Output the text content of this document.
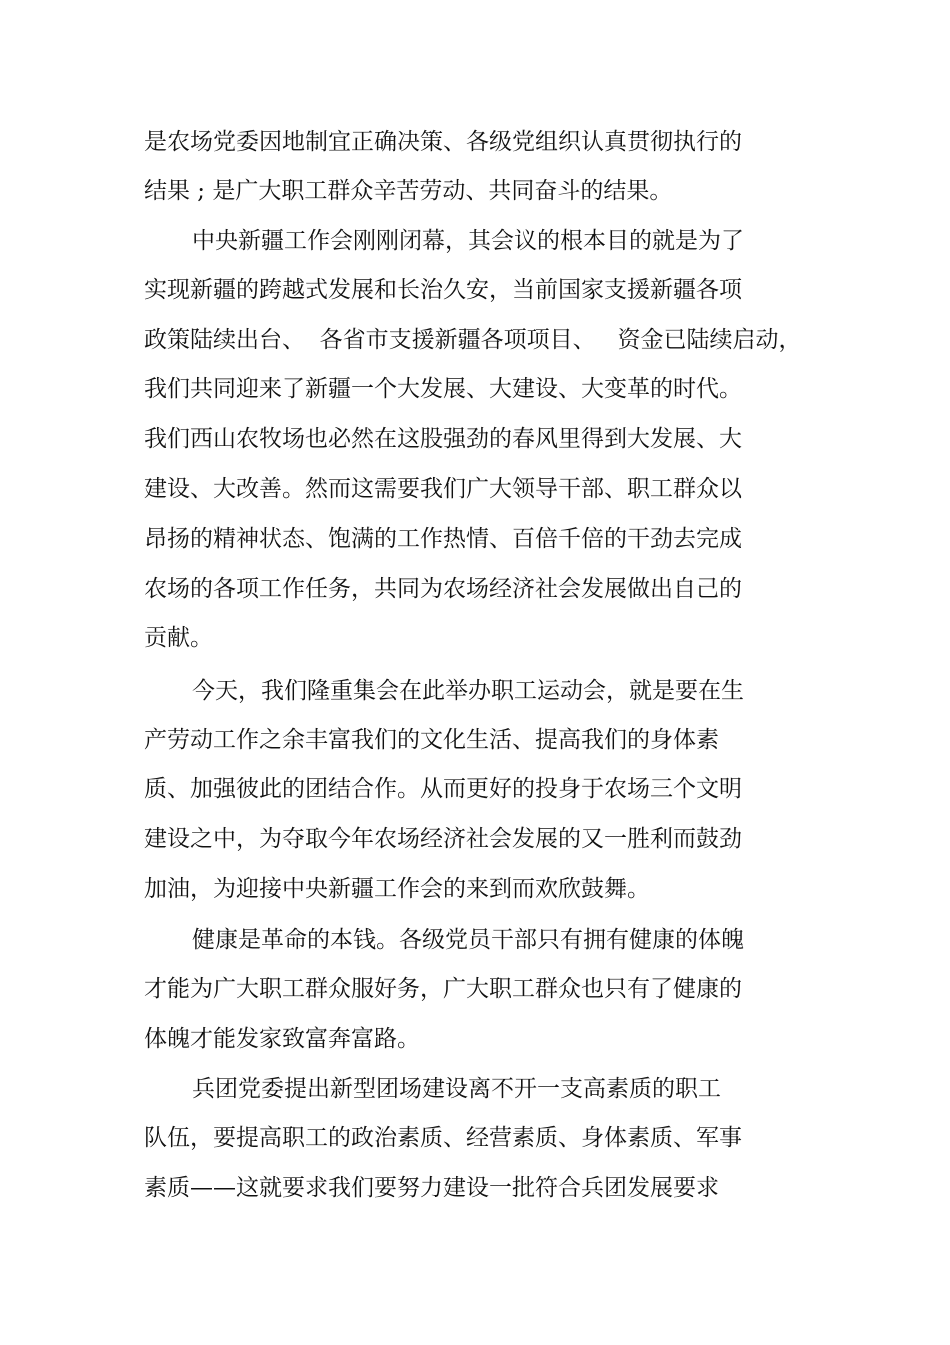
是农场党委因地制宜正确决策、各级党组织认真贯彻执行的
结果 ; 是广大职工群众辛苦劳动、共同奋斗的结果。
中央新疆工作会刚刚闭幕，其会议的根本目的就是为了
实现新疆的跨越式发展和长治久安，当前国家支援新疆各项
政策陆续出台、  各省市支援新疆各项项目、   资金已陆续启动，
我们共同迎来了新疆一个大发展、大建设、大变革的时代。
我们西山农牧场也必然在这股强劲的春风里得到大发展、大
建设、大改善。然而这需要我们广大领导干部、职工群众以
昂扬的精神状态、饱满的工作热情、百倍千倍的干劲去完成
农场的各项工作任务，共同为农场经济社会发展做出自己的
贡献。
今天，我们隆重集会在此举办职工运动会，就是要在生
产劳动工作之余丰富我们的文化生活、提高我们的身体素
质、加强彼此的团结合作。从而更好的投身于农场三个文明
建设之中，为夺取今年农场经济社会发展的又一胜利而鼓劲
加油，为迎接中央新疆工作会的来到而欢欣鼓舞。
健康是革命的本钱。各级党员干部只有拥有健康的体魄
才能为广大职工群众服好务，广大职工群众也只有了健康的
体魄才能发家致富奔富路。
兵团党委提出新型团场建设离不开一支高素质的职工
队伍，要提高职工的政治素质、经营素质、身体素质、军事
素质——这就要求我们要努力建设一批符合兵团发展要求
